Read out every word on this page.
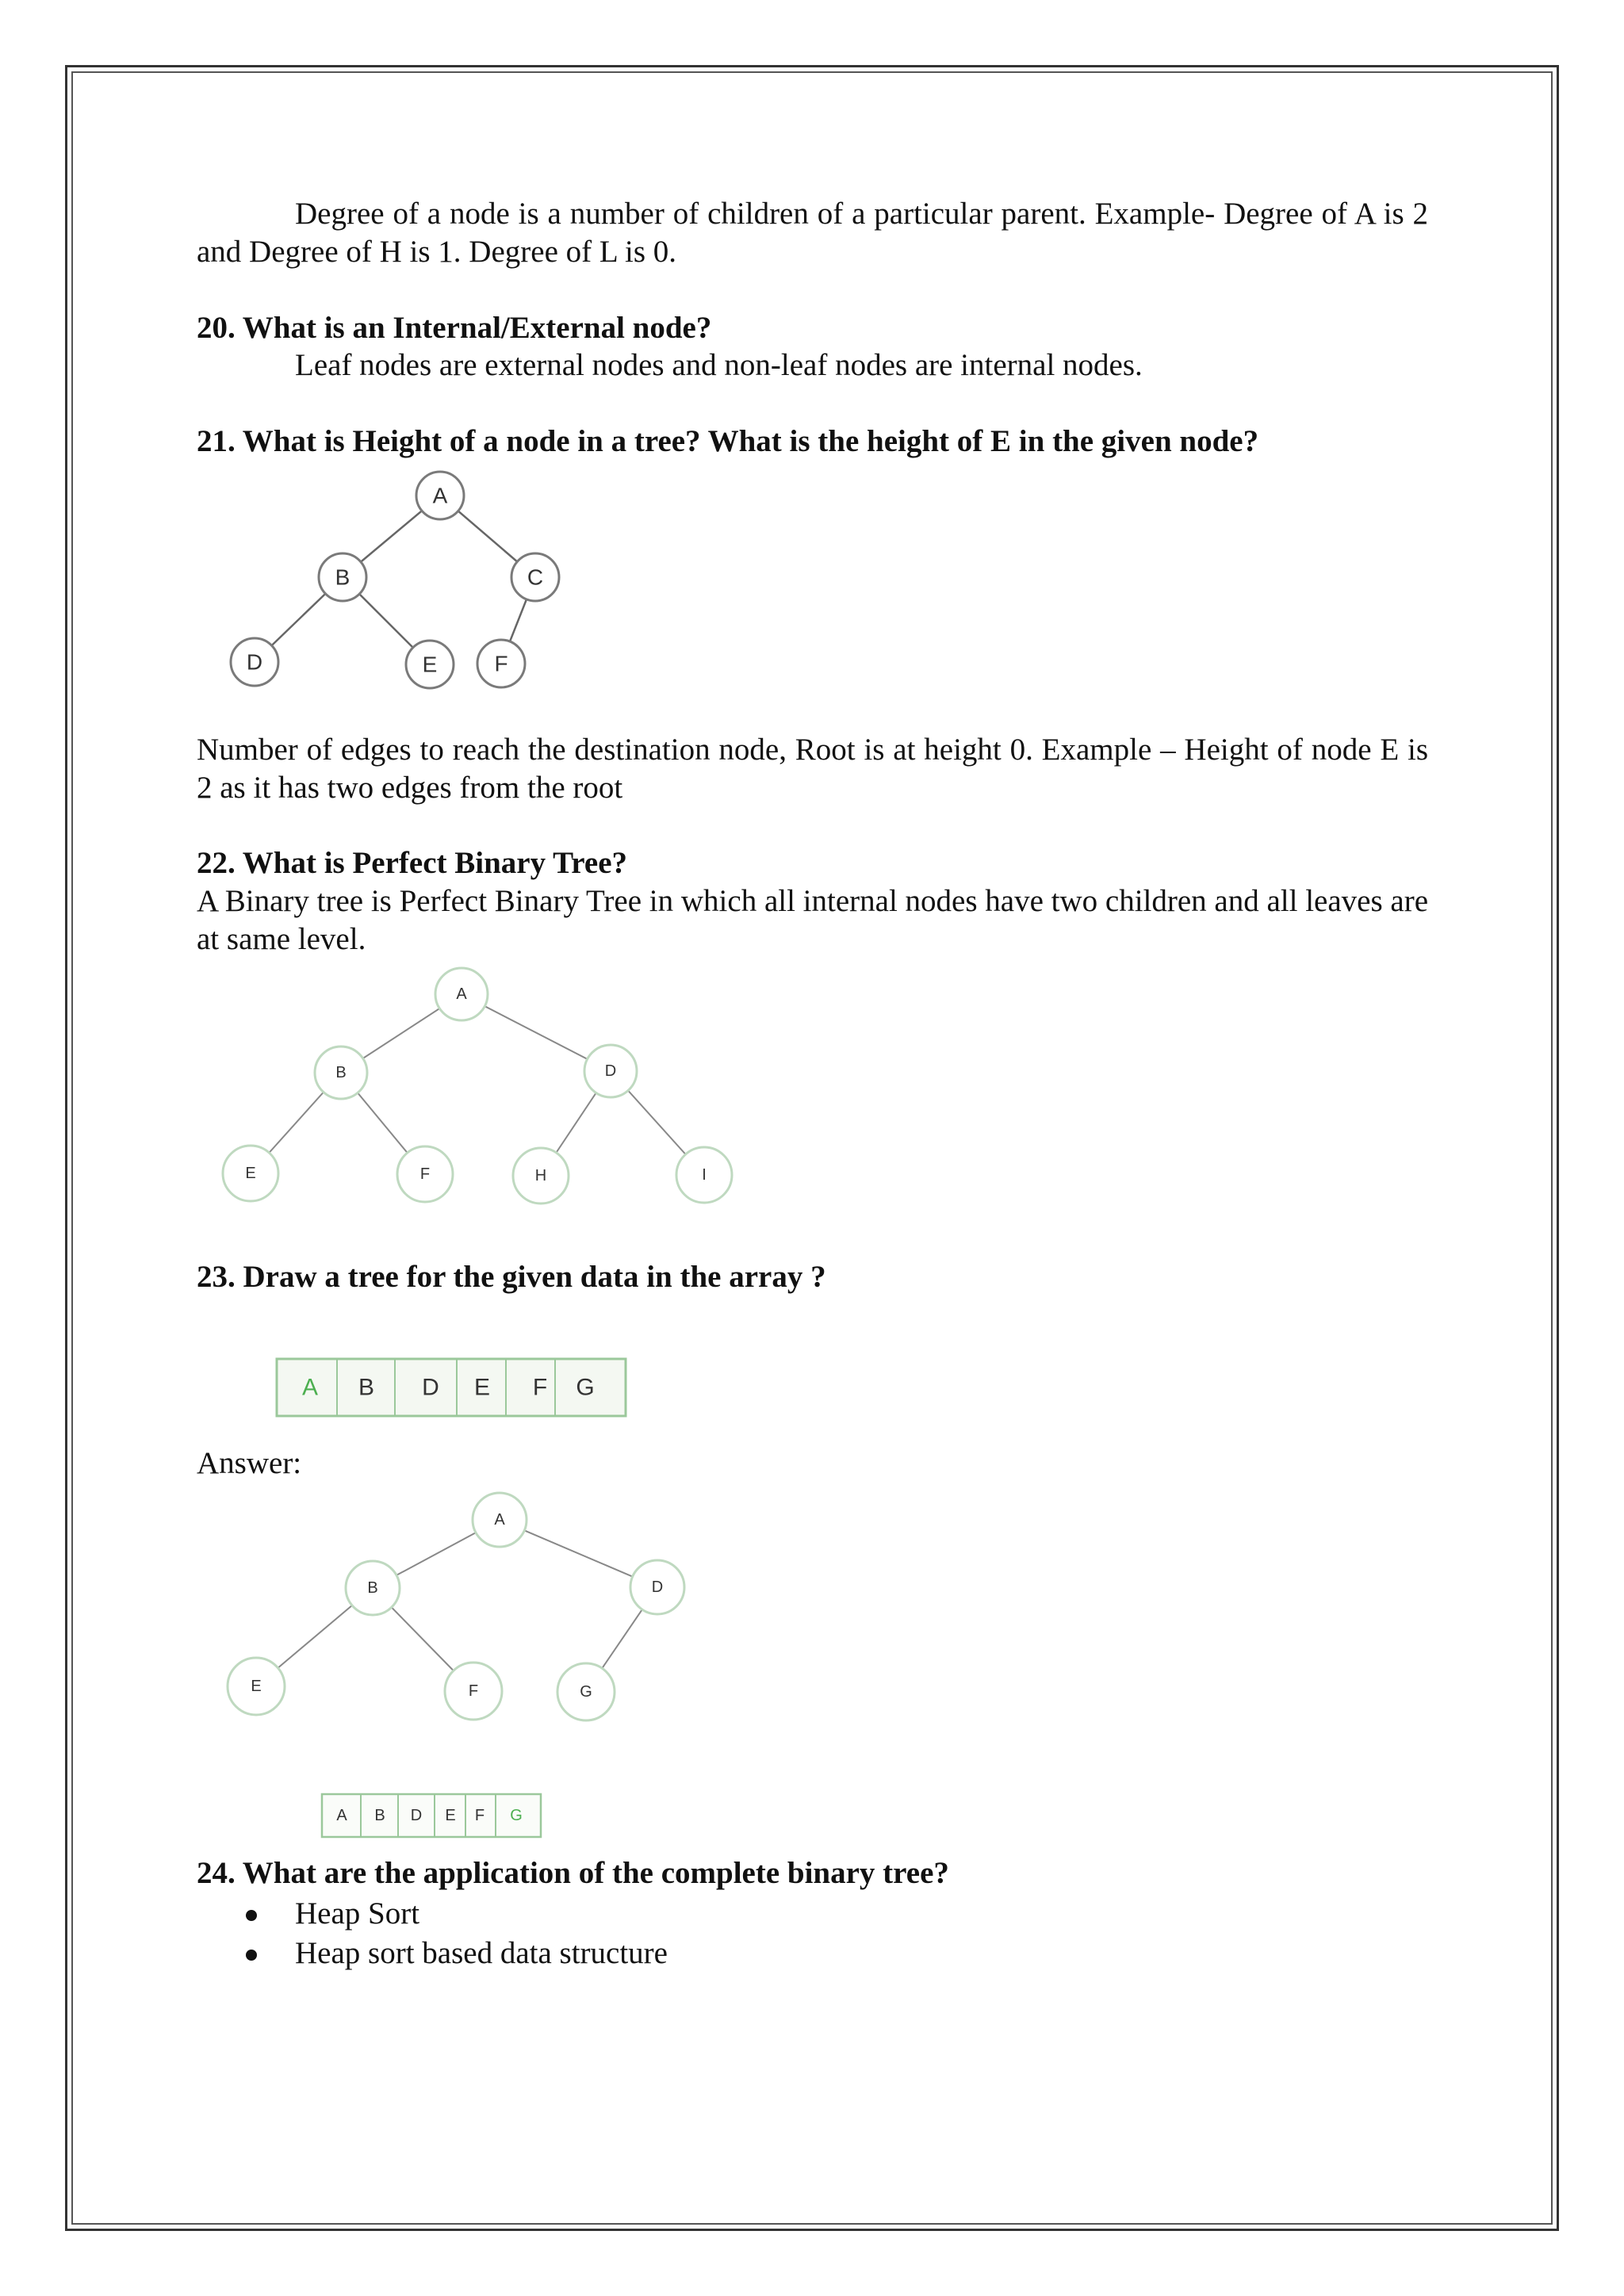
Degree of a node is a number of children of a particular parent. Example- Degree of A is 2 and Degree of H is 1. Degree of L is 0.
20. What is an Internal/External node?
Leaf nodes are external nodes and non-leaf nodes are internal nodes.
21. What is Height of a node in a tree? What is the height of E in the given node?
A
B	C
D	E	F
Number of edges to reach the destination node, Root is at height 0. Example – Height of node E is 2 as it has two edges from the root
22. What is Perfect Binary Tree?
A Binary tree is Perfect Binary Tree in which all internal nodes have two children and all leaves are at same level.
A
B	D
E	F	H	I
23. Draw a tree for the given data in the array ?
A B D E F G
Answer:
A
B	D
E	F	G
A B D E F G
24. What are the application of the complete binary tree?
Heap Sort
Heap sort based data structure
